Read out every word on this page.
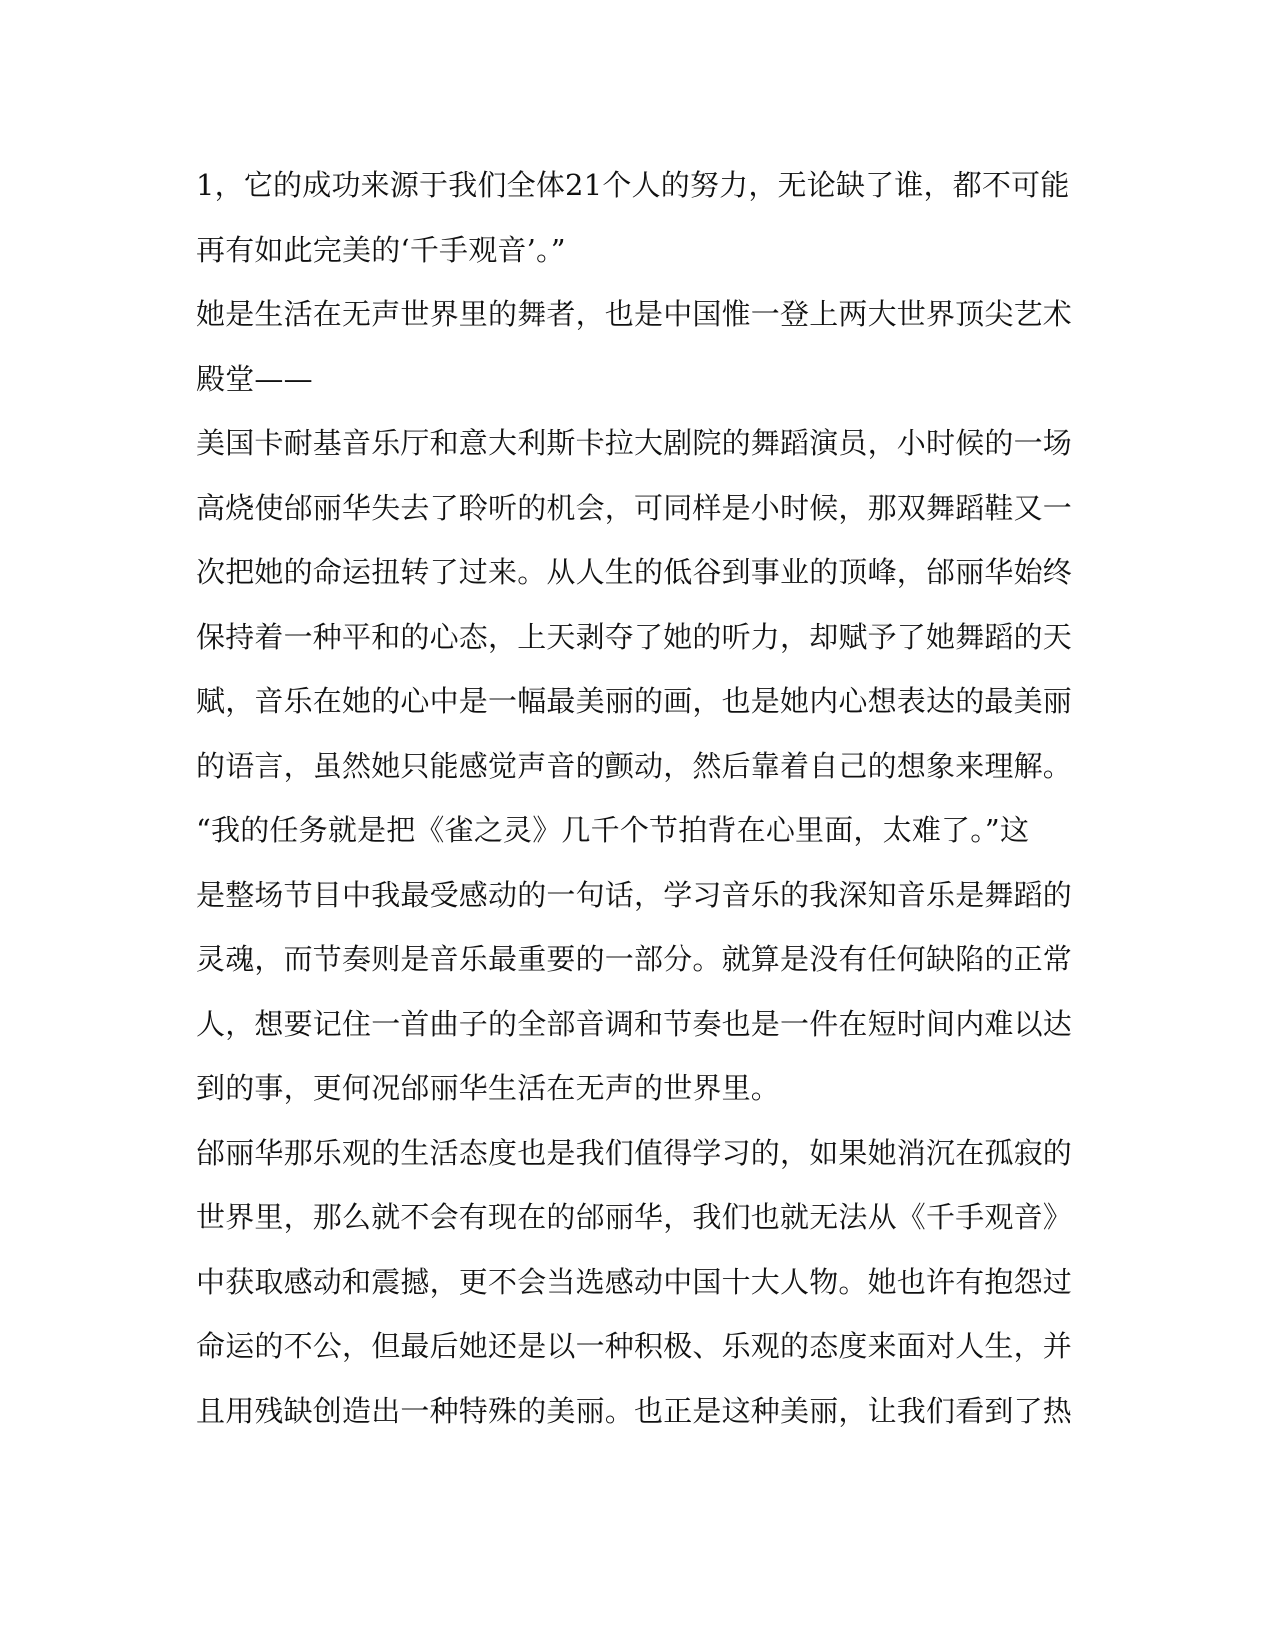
1，它的成功来源于我们全体21个人的努力，无论缺了谁，都不可能
再有如此完美的‘千手观音’。”
她是生活在无声世界里的舞者，也是中国惟一登上两大世界顶尖艺术
殿堂——
美国卡耐基音乐厅和意大利斯卡拉大剧院的舞蹈演员，小时候的一场
高烧使邰丽华失去了聆听的机会，可同样是小时候，那双舞蹈鞋又一
次把她的命运扭转了过来。从人生的低谷到事业的顶峰，邰丽华始终
保持着一种平和的心态，上天剥夺了她的听力，却赋予了她舞蹈的天
赋，音乐在她的心中是一幅最美丽的画，也是她内心想表达的最美丽
的语言，虽然她只能感觉声音的颤动，然后靠着自己的想象来理解。
“我的任务就是把《雀之灵》几千个节拍背在心里面，太难了。”这
是整场节目中我最受感动的一句话，学习音乐的我深知音乐是舞蹈的
灵魂，而节奏则是音乐最重要的一部分。就算是没有任何缺陷的正常
人，想要记住一首曲子的全部音调和节奏也是一件在短时间内难以达
到的事，更何况邰丽华生活在无声的世界里。
邰丽华那乐观的生活态度也是我们值得学习的，如果她消沉在孤寂的
世界里，那么就不会有现在的邰丽华，我们也就无法从《千手观音》
中获取感动和震撼，更不会当选感动中国十大人物。她也许有抱怨过
命运的不公，但最后她还是以一种积极、乐观的态度来面对人生，并
且用残缺创造出一种特殊的美丽。也正是这种美丽，让我们看到了热
